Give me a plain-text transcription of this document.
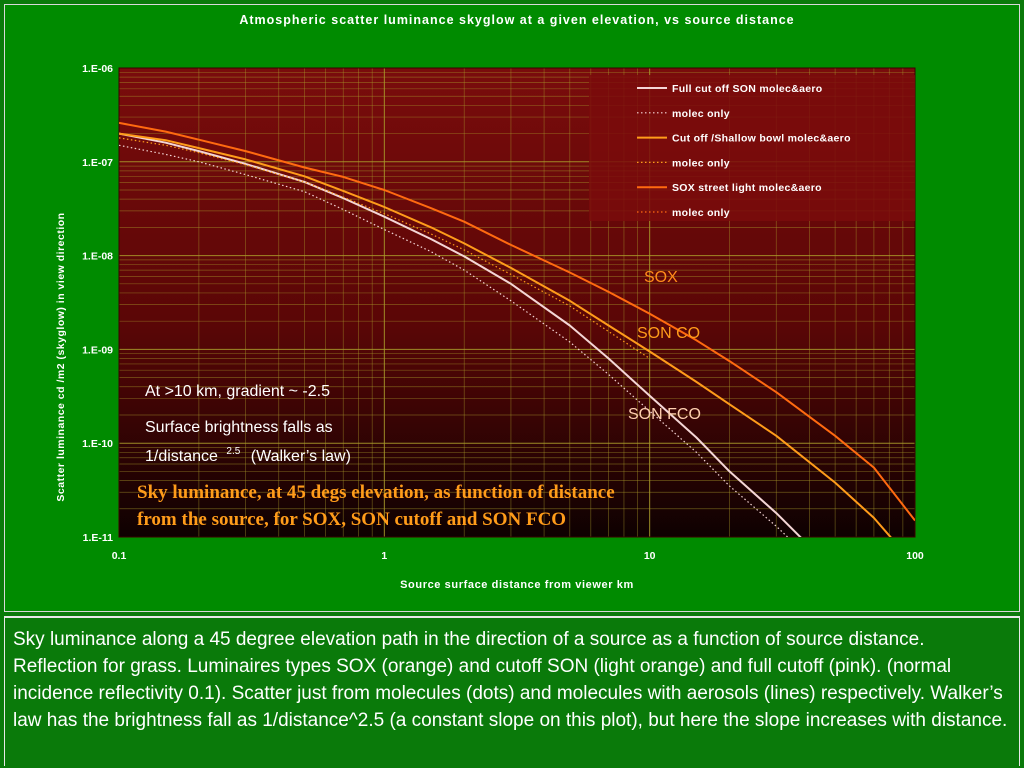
Full cut off SON molec&aero
molec only
Cut off /Shallow bowl molec&aero
molec only
SOX street light molec&aero
molec only
0.1	1	10	100
1.E-06
1.E-07
1.E-08
1.E-09
1.E-10
1.E-11
Atmospheric scatter luminance skyglow at a given elevation, vs source distance
Source surface distance from viewer km
Scatter luminance cd /m2 (skyglow) in view direction	SOX
SON CO
SON FCO
At >10 km, gradient ~ -2.5
Surface brightness falls as
1/distance $^{2.5}$ (Walker’s law)
Sky luminance, at 45 degs elevation, as function of distance
from the source, for SOX, SON cutoff and SON FCO
Sky luminance along a 45 degree elevation path in the direction of a source as a function of source distance. Reflection for grass. Luminaires types SOX (orange) and cutoff SON (light orange) and full cutoff (pink). (normal incidence reflectivity 0.1). Scatter just from molecules (dots) and molecules with aerosols (lines) respectively. Walker’s law has the brightness fall as 1/distance^2.5 (a constant slope on this plot), but here the slope increases with distance.
